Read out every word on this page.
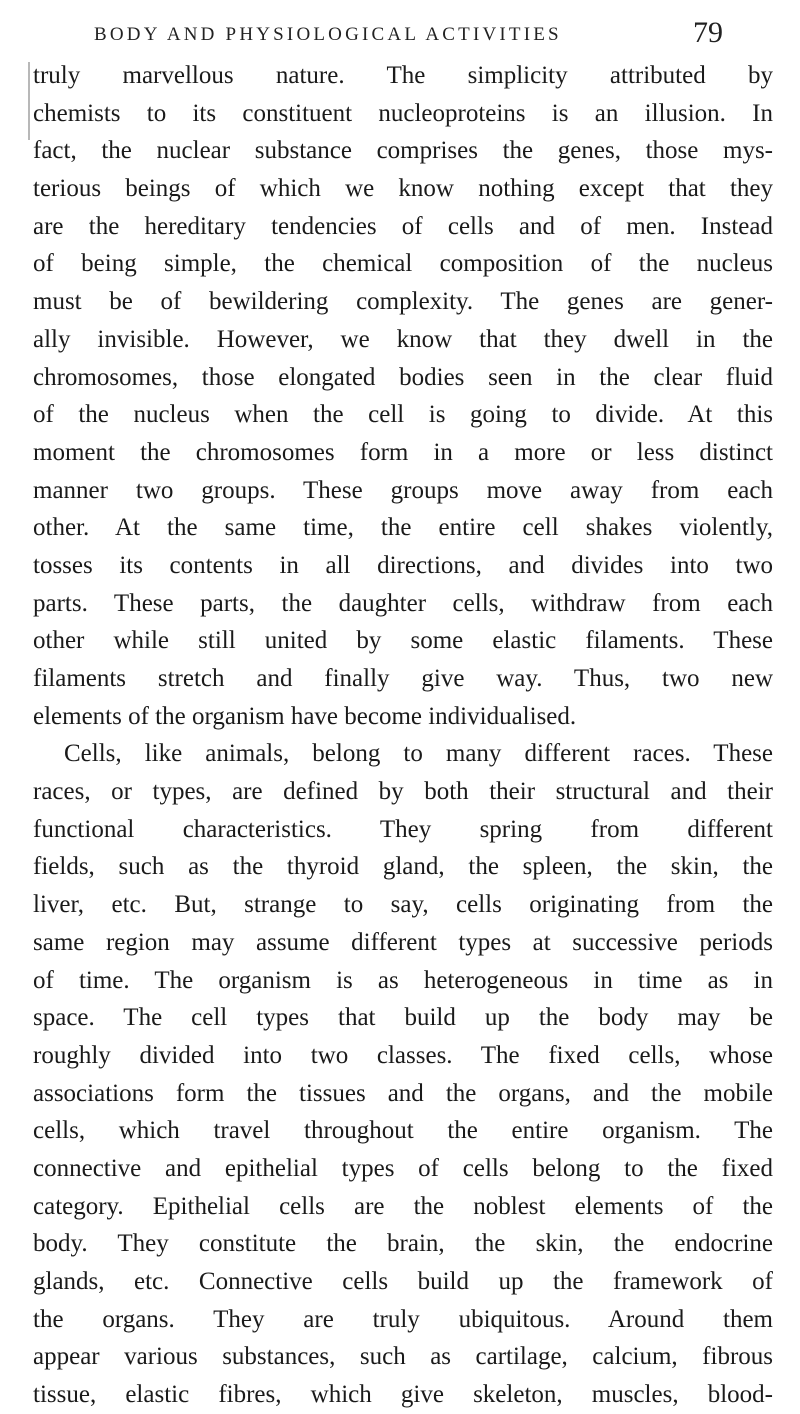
BODY AND PHYSIOLOGICAL ACTIVITIES	79
truly marvellous nature. The simplicity attributed by
chemists to its constituent nucleoproteins is an illusion. In
fact, the nuclear substance comprises the genes, those mys-
terious beings of which we know nothing except that they
are the hereditary tendencies of cells and of men. Instead
of being simple, the chemical composition of the nucleus
must be of bewildering complexity. The genes are gener-
ally invisible. However, we know that they dwell in the
chromosomes, those elongated bodies seen in the clear fluid
of the nucleus when the cell is going to divide. At this
moment the chromosomes form in a more or less distinct
manner two groups. These groups move away from each
other. At the same time, the entire cell shakes violently,
tosses its contents in all directions, and divides into two
parts. These parts, the daughter cells, withdraw from each
other while still united by some elastic filaments. These
filaments stretch and finally give way. Thus, two new
elements of the organism have become individualised.
Cells, like animals, belong to many different races. These
races, or types, are defined by both their structural and their
functional characteristics. They spring from different
fields, such as the thyroid gland, the spleen, the skin, the
liver, etc. But, strange to say, cells originating from the
same region may assume different types at successive periods
of time. The organism is as heterogeneous in time as in
space. The cell types that build up the body may be
roughly divided into two classes. The fixed cells, whose
associations form the tissues and the organs, and the mobile
cells, which travel throughout the entire organism. The
connective and epithelial types of cells belong to the fixed
category. Epithelial cells are the noblest elements of the
body. They constitute the brain, the skin, the endocrine
glands, etc. Connective cells build up the framework of
the organs. They are truly ubiquitous. Around them
appear various substances, such as cartilage, calcium, fibrous
tissue, elastic fibres, which give skeleton, muscles, blood-
